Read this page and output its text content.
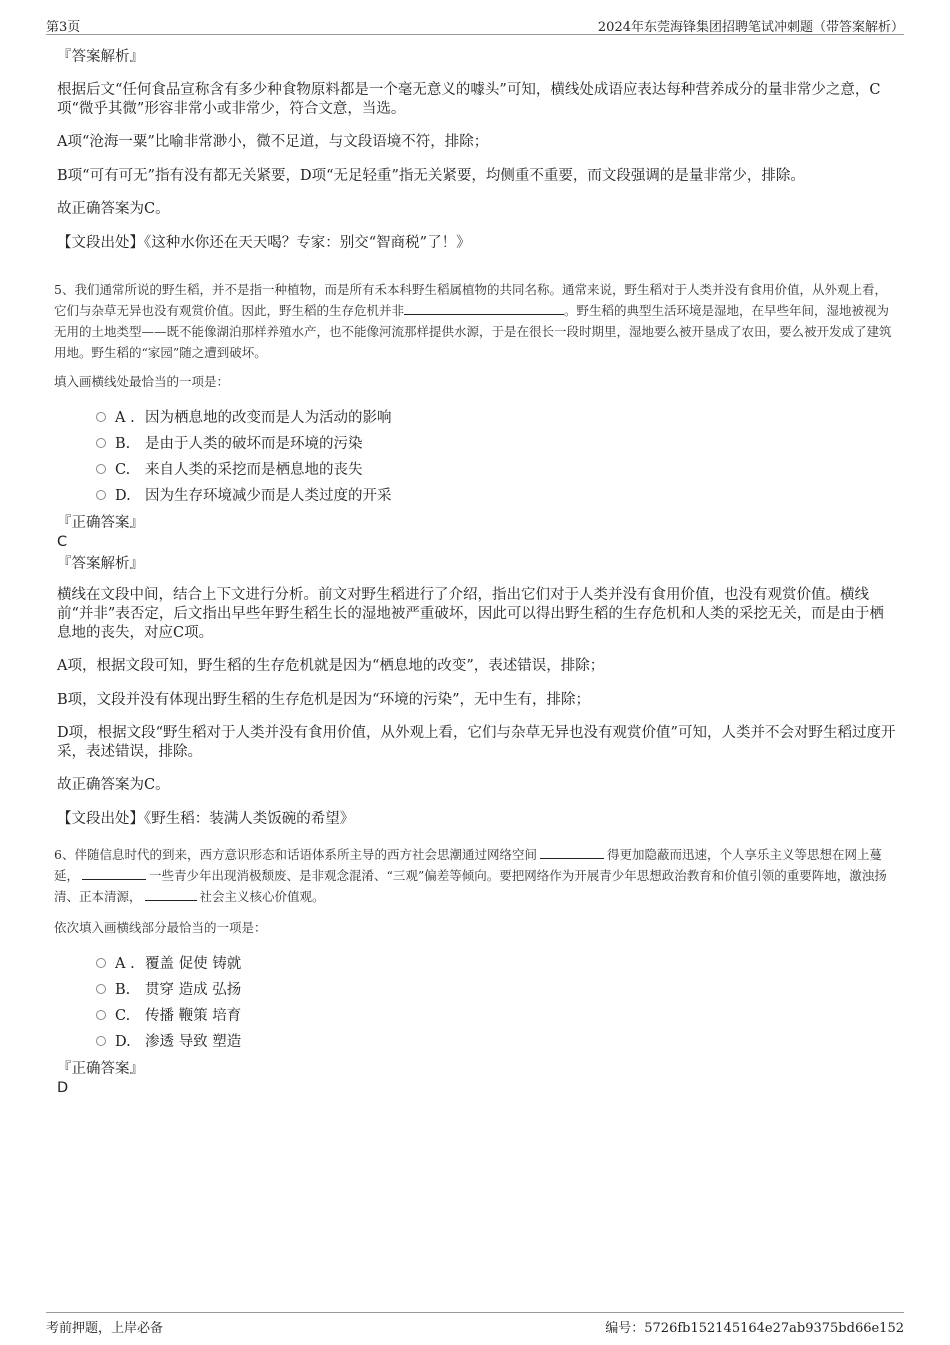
第3页	2024年东莞海锋集团招聘笔试冲刺题（带答案解析）
『答案解析』
根据后文“任何食品宣称含有多少种食物原料都是一个毫无意义的噱头”可知，横线处成语应表达每种营养成分的量非常少之意，C项“微乎其微”形容非常小或非常少，符合文意，当选。
A项“沧海一粟”比喻非常渺小，微不足道，与文段语境不符，排除；
B项“可有可无”指有没有都无关紧要，D项“无足轻重”指无关紧要，均侧重不重要，而文段强调的是量非常少，排除。
故正确答案为C。
【文段出处】《这种水你还在天天喝？专家：别交“智商税”了！》
5、我们通常所说的野生稻，并不是指一种植物，而是所有禾本科野生稻属植物的共同名称。通常来说，野生稻对于人类并没有食用价值，从外观上看，它们与杂草无异也没有观赏价值。因此，野生稻的生存危机并非	。野生稻的典型生活环境是湿地，在早些年间，湿地被视为无用的土地类型——既不能像湖泊那样养殖水产，也不能像河流那样提供水源，于是在很长一段时期里，湿地要么被开垦成了农田，要么被开发成了建筑用地。野生稻的“家园”随之遭到破坏。
填入画横线处最恰当的一项是：
A . 因为栖息地的改变而是人为活动的影响
B. 是由于人类的破坏而是环境的污染
C. 来自人类的采挖而是栖息地的丧失
D. 因为生存环境减少而是人类过度的开采
『正确答案』
C
『答案解析』
横线在文段中间，结合上下文进行分析。前文对野生稻进行了介绍，指出它们对于人类并没有食用价值，也没有观赏价值。横线前“并非”表否定，后文指出早些年野生稻生长的湿地被严重破坏，因此可以得出野生稻的生存危机和人类的采挖无关，而是由于栖息地的丧失，对应C项。
A项，根据文段可知，野生稻的生存危机就是因为“栖息地的改变”，表述错误，排除；
B项，文段并没有体现出野生稻的生存危机是因为“环境的污染”，无中生有，排除；
D项，根据文段“野生稻对于人类并没有食用价值，从外观上看，它们与杂草无异也没有观赏价值”可知，人类并不会对野生稻过度开采，表述错误，排除。
故正确答案为C。
【文段出处】《野生稻：装满人类饭碗的希望》
6、伴随信息时代的到来，西方意识形态和话语体系所主导的西方社会思潮通过网络空间	得更加隐蔽而迅速，个人享乐主义等思想在网上蔓延，	一些青少年出现消极颓废、是非观念混淆、“三观”偏差等倾向。要把网络作为开展青少年思想政治教育和价值引领的重要阵地，激浊扬清、正本清源，	社会主义核心价值观。
依次填入画横线部分最恰当的一项是：
A . 覆盖 促使 铸就
B. 贯穿 造成 弘扬
C. 传播 鞭策 培育
D. 渗透 导致 塑造
『正确答案』
D
考前押题，上岸必备	编号：5726fb152145164e27ab9375bd66e152
